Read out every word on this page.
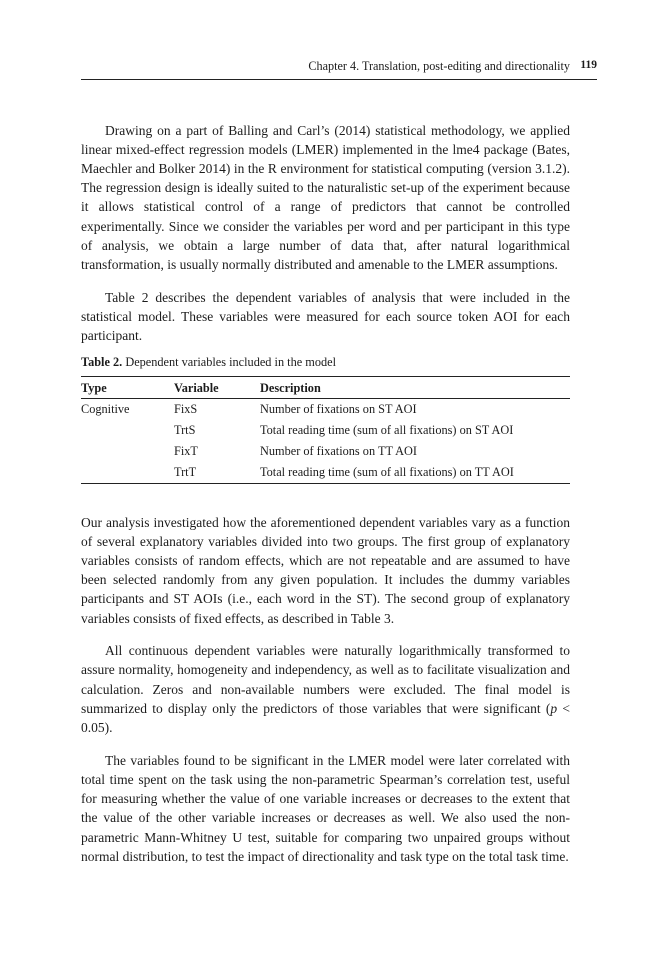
Chapter 4. Translation, post-editing and directionality 119

Drawing on a part of Balling and Carl’s (2014) statistical methodology, we applied linear mixed-effect regression models (LMER) implemented in the lme4 package (Bates, Maechler and Bolker 2014) in the R environment for statistical computing (version 3.1.2). The regression design is ideally suited to the naturalistic set-up of the experiment because it allows statistical control of a range of predictors that cannot be controlled experimentally. Since we consider the variables per word and per participant in this type of analysis, we obtain a large number of data that, after natural logarithmical transformation, is usually normally distributed and amenable to the LMER assumptions.

Table 2 describes the dependent variables of analysis that were included in the statistical model. These variables were measured for each source token AOI for each participant.

Table 2. Dependent variables included in the model
Type	Variable	Description
Cognitive	FixS	Number of fixations on ST AOI
	TrtS	Total reading time (sum of all fixations) on ST AOI
	FixT	Number of fixations on TT AOI
	TrtT	Total reading time (sum of all fixations) on TT AOI

Our analysis investigated how the aforementioned dependent variables vary as a function of several explanatory variables divided into two groups. The first group of explanatory variables consists of random effects, which are not repeatable and are assumed to have been selected randomly from any given population. It includes the dummy variables participants and ST AOIs (i.e., each word in the ST). The second group of explanatory variables consists of fixed effects, as described in Table 3.

All continuous dependent variables were naturally logarithmically transformed to assure normality, homogeneity and independency, as well as to facilitate visualization and calculation. Zeros and non-available numbers were excluded. The final model is summarized to display only the predictors of those variables that were significant (p < 0.05).

The variables found to be significant in the LMER model were later correlated with total time spent on the task using the non-parametric Spearman’s correlation test, useful for measuring whether the value of one variable increases or decreases to the extent that the value of the other variable increases or decreases as well. We also used the non-parametric Mann-Whitney U test, suitable for comparing two unpaired groups without normal distribution, to test the impact of directionality and task type on the total task time.
